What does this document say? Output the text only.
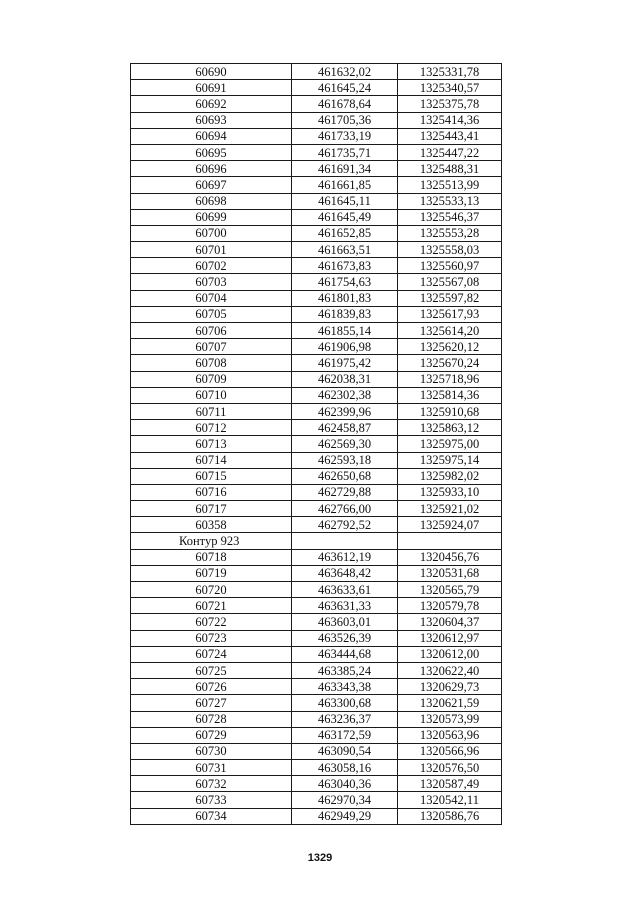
60690	461632,02	1325331,78
60691	461645,24	1325340,57
60692	461678,64	1325375,78
60693	461705,36	1325414,36
60694	461733,19	1325443,41
60695	461735,71	1325447,22
60696	461691,34	1325488,31
60697	461661,85	1325513,99
60698	461645,11	1325533,13
60699	461645,49	1325546,37
60700	461652,85	1325553,28
60701	461663,51	1325558,03
60702	461673,83	1325560,97
60703	461754,63	1325567,08
60704	461801,83	1325597,82
60705	461839,83	1325617,93
60706	461855,14	1325614,20
60707	461906,98	1325620,12
60708	461975,42	1325670,24
60709	462038,31	1325718,96
60710	462302,38	1325814,36
60711	462399,96	1325910,68
60712	462458,87	1325863,12
60713	462569,30	1325975,00
60714	462593,18	1325975,14
60715	462650,68	1325982,02
60716	462729,88	1325933,10
60717	462766,00	1325921,02
60358	462792,52	1325924,07
Контур 923		
60718	463612,19	1320456,76
60719	463648,42	1320531,68
60720	463633,61	1320565,79
60721	463631,33	1320579,78
60722	463603,01	1320604,37
60723	463526,39	1320612,97
60724	463444,68	1320612,00
60725	463385,24	1320622,40
60726	463343,38	1320629,73
60727	463300,68	1320621,59
60728	463236,37	1320573,99
60729	463172,59	1320563,96
60730	463090,54	1320566,96
60731	463058,16	1320576,50
60732	463040,36	1320587,49
60733	462970,34	1320542,11
60734	462949,29	1320586,76
1329
